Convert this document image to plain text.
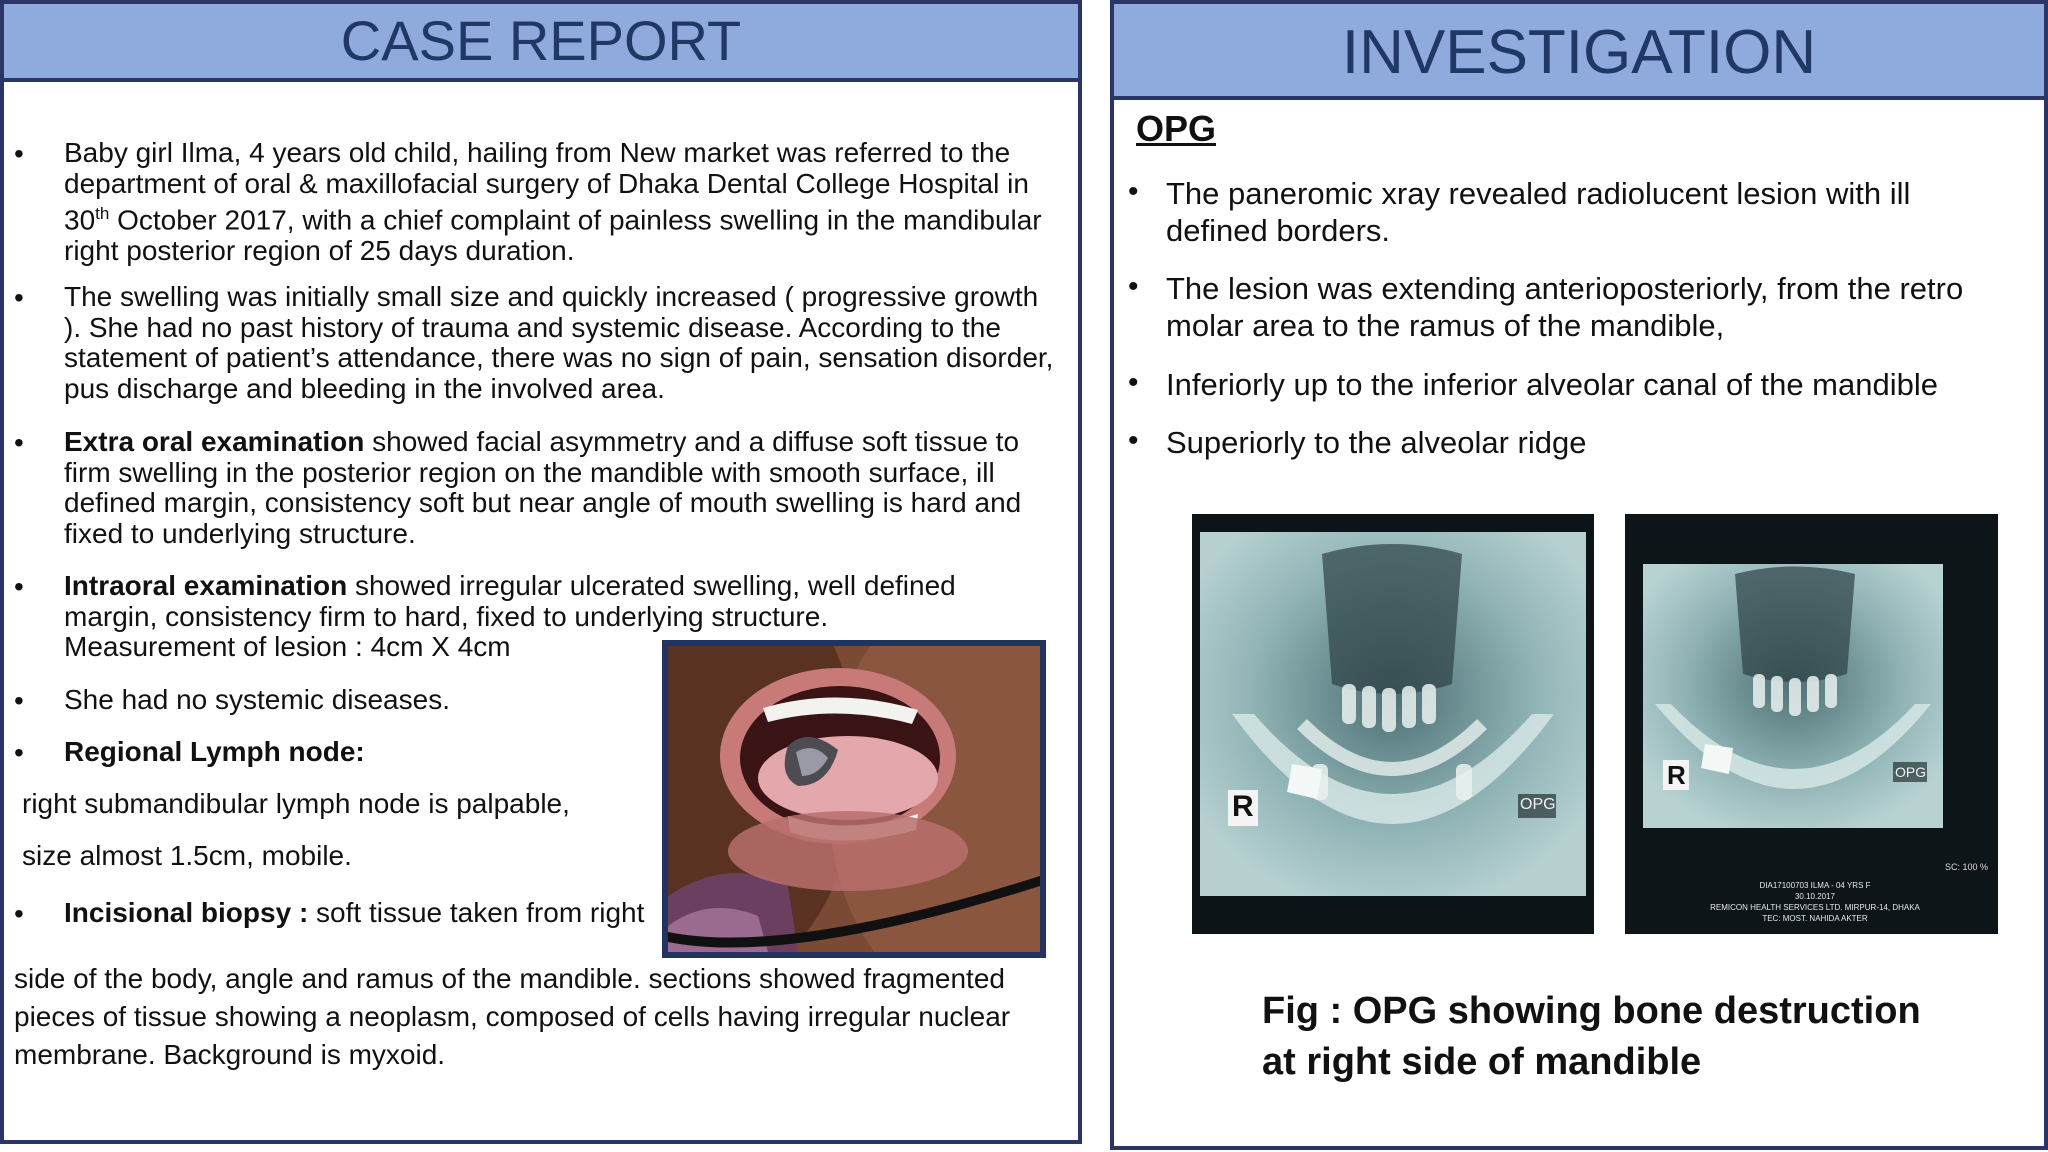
CASE REPORT
• Baby girl Ilma, 4 years old child, hailing from New market was referred to the department of oral & maxillofacial surgery of Dhaka Dental College Hospital in 30th October 2017, with a chief complaint of painless swelling in the mandibular right posterior region of 25 days duration.
• The swelling was initially small size and quickly increased ( progressive growth ). She had no past history of trauma and systemic disease. According to the statement of patient’s attendance, there was no sign of pain, sensation disorder, pus discharge and bleeding in the involved area.
• Extra oral examination showed facial asymmetry and a diffuse soft tissue to firm swelling in the posterior region on the mandible with smooth surface, ill defined margin, consistency soft but near angle of mouth swelling is hard and fixed to underlying structure.
• Intraoral examination showed irregular ulcerated swelling, well defined margin, consistency firm to hard, fixed to underlying structure.
Measurement of lesion : 4cm X 4cm
• She had no systemic diseases.
• Regional Lymph node:
right submandibular lymph node is palpable,
size almost 1.5cm, mobile.
• Incisional biopsy : soft tissue taken from right
side of the body, angle and ramus of the mandible. sections showed fragmented pieces of tissue showing a neoplasm, composed of cells having irregular nuclear membrane. Background is myxoid.
INVESTIGATION
OPG
• The paneromic xray revealed radiolucent lesion with ill defined borders.
• The lesion was extending anterioposteriorly, from the retro molar area to the ramus of the mandible,
• Inferiorly up to the inferior alveolar canal of the mandible
• Superiorly to the alveolar ridge
R	OPG
R	OPG
SC: 100 %
DIA17100703 ILMA - 04 YRS F
30.10.2017
REMICON HEALTH SERVICES LTD. MIRPUR-14, DHAKA
TEC: MOST. NAHIDA AKTER
Fig : OPG showing bone destruction
at right side of mandible
